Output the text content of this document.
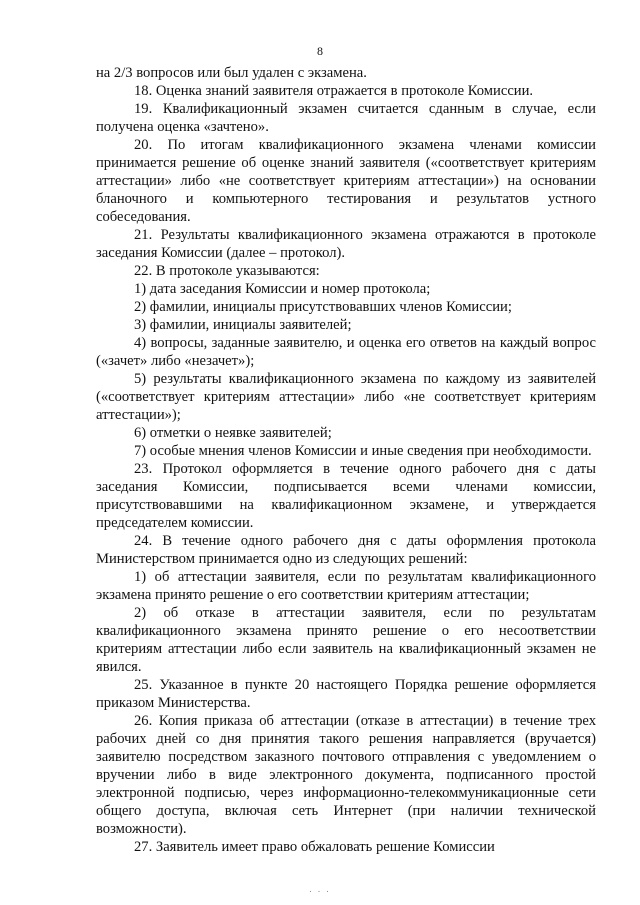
8

на 2/3 вопросов или был удален с экзамена.

18. Оценка знаний заявителя отражается в протоколе Комиссии.

19. Квалификационный экзамен считается сданным в случае, если получена оценка «зачтено».

20. По итогам квалификационного экзамена членами комиссии принимается решение об оценке знаний заявителя («соответствует критериям аттестации» либо «не соответствует критериям аттестации») на основании бланочного и компьютерного тестирования и результатов устного собеседования.

21. Результаты квалификационного экзамена отражаются в протоколе заседания Комиссии (далее – протокол).

22. В протоколе указываются:

1) дата заседания Комиссии и номер протокола;

2) фамилии, инициалы присутствовавших членов Комиссии;

3) фамилии, инициалы заявителей;

4) вопросы, заданные заявителю, и оценка его ответов на каждый вопрос («зачет» либо «незачет»);

5) результаты квалификационного экзамена по каждому из заявителей («соответствует критериям аттестации» либо «не соответствует критериям аттестации»);

6) отметки о неявке заявителей;

7) особые мнения членов Комиссии и иные сведения при необходимости.

23. Протокол оформляется в течение одного рабочего дня с даты заседания Комиссии, подписывается всеми членами комиссии, присутствовавшими на квалификационном экзамене, и утверждается председателем комиссии.

24. В течение одного рабочего дня с даты оформления протокола Министерством принимается одно из следующих решений:

1) об аттестации заявителя, если по результатам квалификационного экзамена принято решение о его соответствии критериям аттестации;

2) об отказе в аттестации заявителя, если по результатам квалификационного экзамена принято решение о его несоответствии критериям аттестации либо если заявитель на квалификационный экзамен не явился.

25. Указанное в пункте 20 настоящего Порядка решение оформляется приказом Министерства.

26. Копия приказа об аттестации (отказе в аттестации) в течение трех рабочих дней со дня принятия такого решения направляется (вручается) заявителю посредством заказного почтового отправления с уведомлением о вручении либо в виде электронного документа, подписанного простой электронной подписью, через информационно-телекоммуникационные сети общего доступа, включая сеть Интернет (при наличии технической возможности).

27. Заявитель имеет право обжаловать решение Комиссии

. . .
